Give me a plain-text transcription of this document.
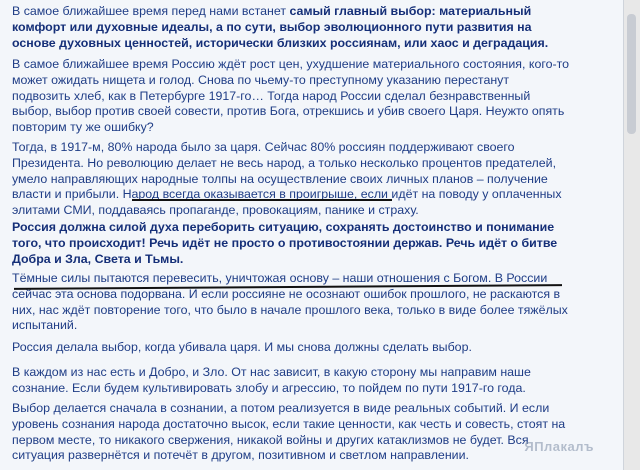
В самое ближайшее время перед нами встанет самый главный выбор: материальный
комфорт или духовные идеалы, а по сути, выбор эволюционного пути развития на
основе духовных ценностей, исторически близких россиянам, или хаос и деградация.
В самое ближайшее время Россию ждёт рост цен, ухудшение материального состояния, кого-то
может ожидать нищета и голод. Снова по чьему-то преступному указанию перестанут
подвозить хлеб, как в Петербурге 1917-го… Тогда народ России сделал безнравственный
выбор, выбор против своей совести, против Бога, отрекшись и убив своего Царя. Неужто опять
повторим ту же ошибку?
Тогда, в 1917-м, 80% народа было за царя. Сейчас 80% россиян поддерживают своего
Президента. Но революцию делает не весь народ, а только несколько процентов предателей,
умело направляющих народные толпы на осуществление своих личных планов – получение
власти и прибыли. Народ всегда оказывается в проигрыше, если идёт на поводу у оплаченных
элитами СМИ, поддаваясь пропаганде, провокациям, панике и страху.
Россия должна силой духа переборить ситуацию, сохранять достоинство и понимание
того, что происходит! Речь идёт не просто о противостоянии держав. Речь идёт о битве
Добра и Зла, Света и Тьмы.
Тёмные силы пытаются перевесить, уничтожая основу – наши отношения с Богом. В России
сейчас эта основа подорвана. И если россияне не осознают ошибок прошлого, не раскаются в
них, нас ждёт повторение того, что было в начале прошлого века, только в виде более тяжёлых
испытаний.
Россия делала выбор, когда убивала царя. И мы снова должны сделать выбор.
В каждом из нас есть и Добро, и Зло. От нас зависит, в какую сторону мы направим наше
сознание. Если будем культивировать злобу и агрессию, то пойдем по пути 1917-го года.
Выбор делается сначала в сознании, а потом реализуется в виде реальных событий. И если
уровень сознания народа достаточно высок, если такие ценности, как честь и совесть, стоят на
первом месте, то никакого свержения, никакой войны и других катаклизмов не будет. Вся
ситуация развернётся и потечёт в другом, позитивном и светлом направлении.
ЯПлакалъ
